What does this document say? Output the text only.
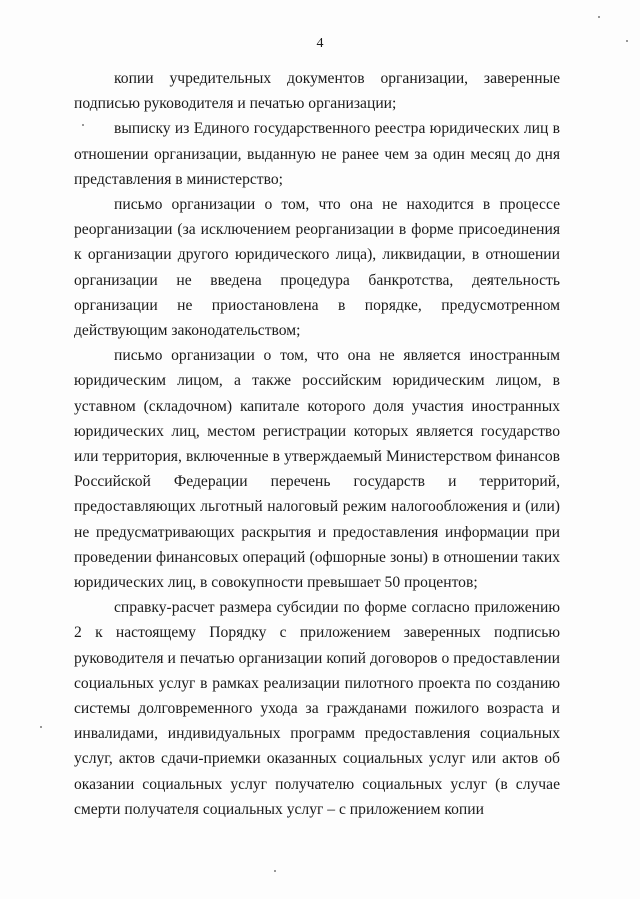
4

копии учредительных документов организации, заверенные подписью руководителя и печатью организации;

выписку из Единого государственного реестра юридических лиц в отношении организации, выданную не ранее чем за один месяц до дня представления в министерство;

письмо организации о том, что она не находится в процессе реорганизации (за исключением реорганизации в форме присоединения к организации другого юридического лица), ликвидации, в отношении организации не введена процедура банкротства, деятельность организации не приостановлена в порядке, предусмотренном действующим законодательством;

письмо организации о том, что она не является иностранным юридическим лицом, а также российским юридическим лицом, в уставном (складочном) капитале которого доля участия иностранных юридических лиц, местом регистрации которых является государство или территория, включенные в утверждаемый Министерством финансов Российской Федерации перечень государств и территорий, предоставляющих льготный налоговый режим налогообложения и (или) не предусматривающих раскрытия и предоставления информации при проведении финансовых операций (офшорные зоны) в отношении таких юридических лиц, в совокупности превышает 50 процентов;

справку-расчет размера субсидии по форме согласно приложению 2 к настоящему Порядку с приложением заверенных подписью руководителя и печатью организации копий договоров о предоставлении социальных услуг в рамках реализации пилотного проекта по созданию системы долговременного ухода за гражданами пожилого возраста и инвалидами, индивидуальных программ предоставления социальных услуг, актов сдачи-приемки оказанных социальных услуг или актов об оказании социальных услуг получателю социальных услуг (в случае смерти получателя социальных услуг – с приложением копии
